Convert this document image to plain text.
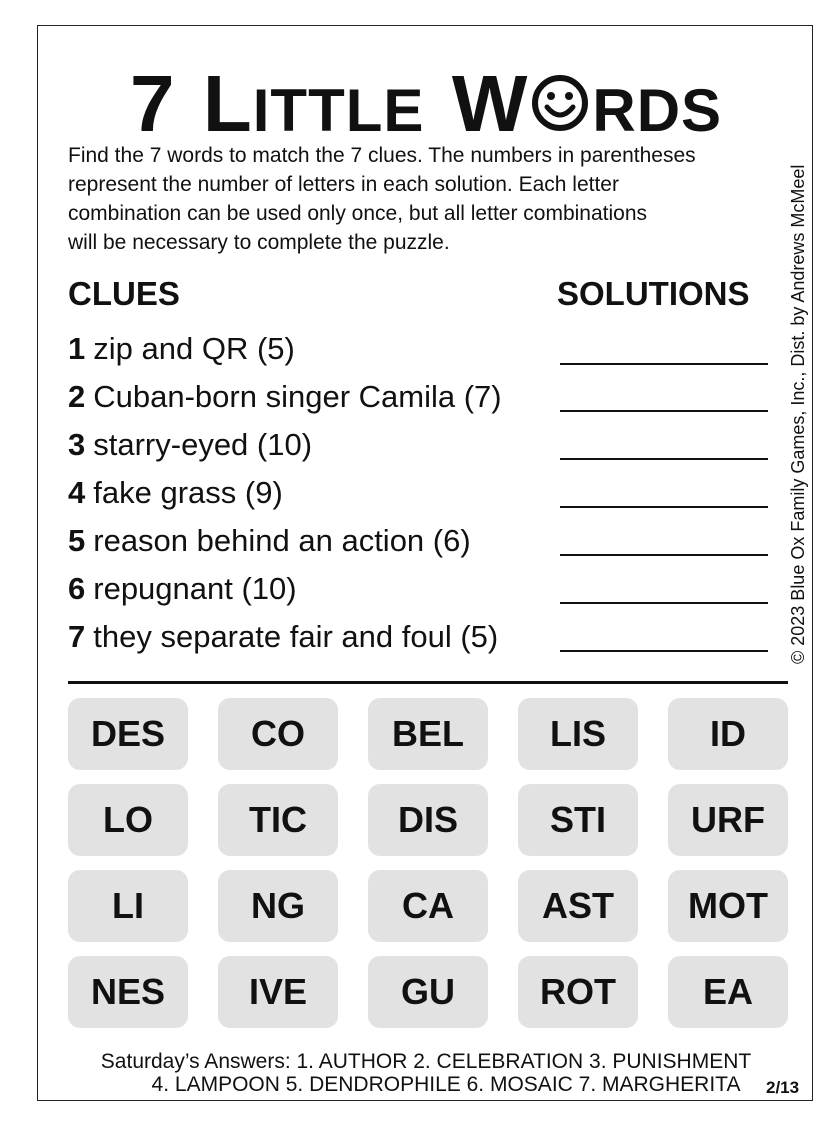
7 LITTLE W RDS
Find the 7 words to match the 7 clues. The numbers in parentheses
represent the number of letters in each solution. Each letter
combination can be used only once, but all letter combinations
will be necessary to complete the puzzle.	© 2023 Blue Ox Family Games, Inc., Dist. by Andrews McMeel
CLUES	SOLUTIONS
1 zip and QR (5)
2 Cuban-born singer Camila (7)
3 starry-eyed (10)
4 fake grass (9)
5 reason behind an action (6)
6 repugnant (10)
7 they separate fair and foul (5)
DES	CO	BEL	LIS	ID
LO	TIC	DIS	STI	URF
LI	NG	CA	AST	MOT
NES	IVE	GU	ROT	EA
Saturday’s Answers: 1. AUTHOR 2. CELEBRATION 3. PUNISHMENT
4. LAMPOON 5. DENDROPHILE 6. MOSAIC 7. MARGHERITA	2/13
